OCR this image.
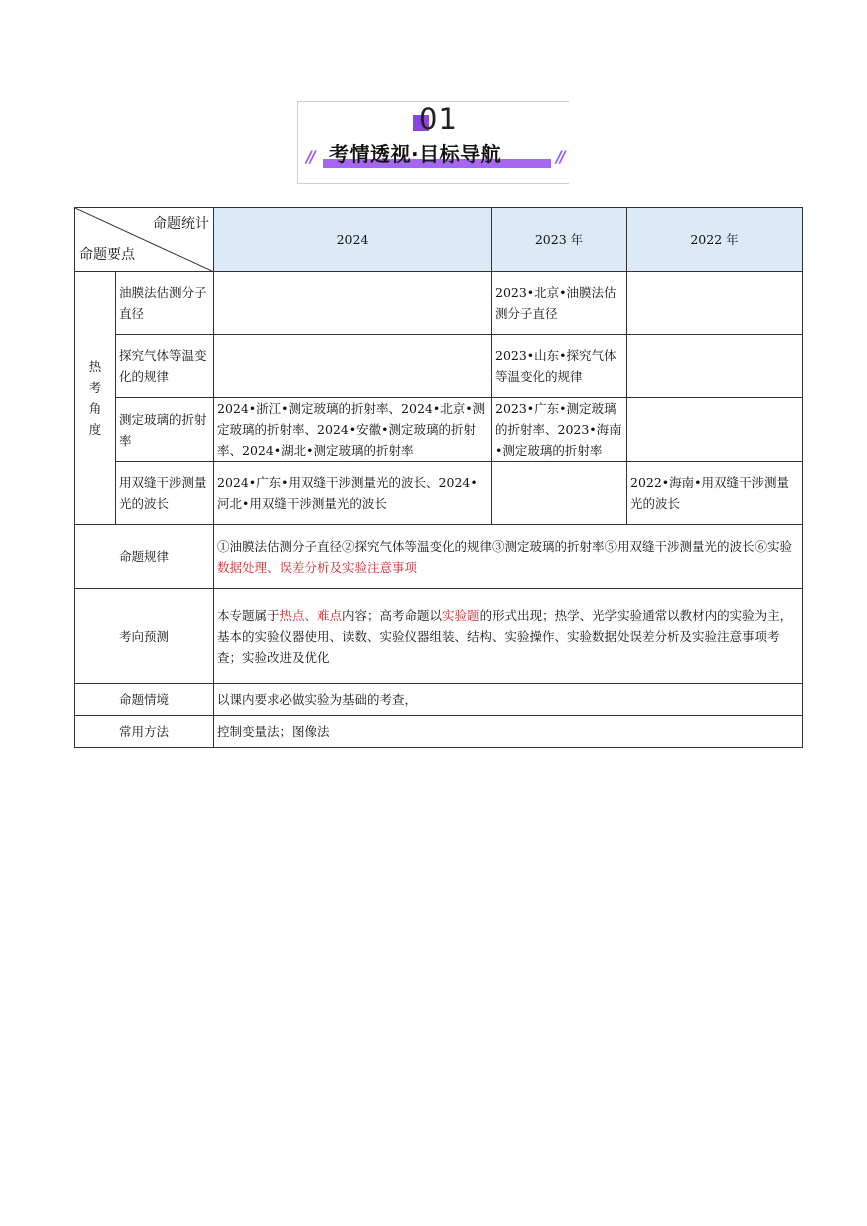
01
// 考情透视·目标导航	//
命题统计
命题要点		2024	2023 年	2022 年

热
考
角
度	油膜法估测分子直径		2023•北京•油膜法估测分子直径	
	探究气体等温变化的规律		2023•山东•探究气体等温变化的规律	
	测定玻璃的折射率	2024•浙江•测定玻璃的折射率、2024•北京•测定玻璃的折射率、2024•安徽•测定玻璃的折射率、2024•湖北•测定玻璃的折射率	2023•广东•测定玻璃的折射率、2023•海南•测定玻璃的折射率	
	用双缝干涉测量光的波长	2024•广东•用双缝干涉测量光的波长、2024•河北•用双缝干涉测量光的波长		2022•海南•用双缝干涉测量光的波长
命题规律		①油膜法估测分子直径②探究气体等温变化的规律③测定玻璃的折射率⑤用双缝干涉测量光的波长⑥实验数据处理、误差分析及实验注意事项		
考向预测		本专题属于热点、难点内容；高考命题以实验题的形式出现；热学、光学实验通常以教材内的实验为主，基本的实验仪器使用、读数、实验仪器组装、结构、实验操作、实验数据处误差分析及实验注意事项考查；实验改进及优化		
命题情境		以课内要求必做实验为基础的考查，		
常用方法		控制变量法；图像法		
